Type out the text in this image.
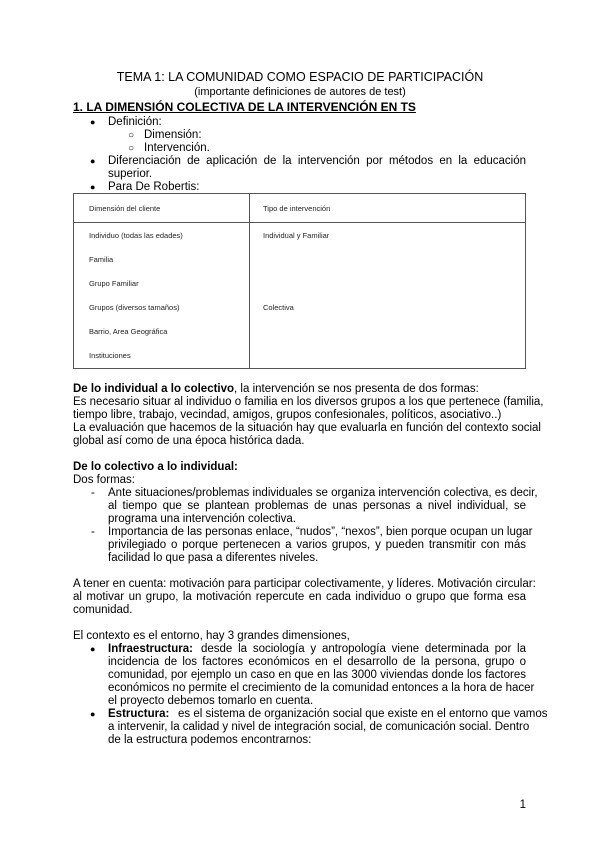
TEMA 1: LA COMUNIDAD COMO ESPACIO DE PARTICIPACIÓN
(importante definiciones de autores de test)
1. LA DIMENSIÓN COLECTIVA DE LA INTERVENCIÓN EN TS
● Definición:
○ Dimensión:
○ Intervención.
● Diferenciación de aplicación de la intervención por métodos en la educación
superior.
● Para De Robertis:
Dimensión del cliente	Tipo de intervención
Individuo (todas las edades)	Individual y Familiar
Familia	
Grupo Familiar	
Grupos (diversos tamaños)	Colectiva
Barrio, Area Geográfica	
Instituciones	
De lo individual a lo colectivo, la intervención se nos presenta de dos formas:
Es necesario situar al individuo o familia en los diversos grupos a los que pertenece (familia,
tiempo libre, trabajo, vecindad, amigos, grupos confesionales, políticos, asociativo..)
La evaluación que hacemos de la situación hay que evaluarla en función del contexto social
global así como de una época histórica dada.
De lo colectivo a lo individual:
Dos formas:
- Ante situaciones/problemas individuales se organiza intervención colectiva, es decir,
al tiempo que se plantean problemas de unas personas a nivel individual, se
programa una intervención colectiva.
- Importancia de las personas enlace, “nudos”, “nexos”, bien porque ocupan un lugar
privilegiado o porque pertenecen a varios grupos, y pueden transmitir con más
facilidad lo que pasa a diferentes niveles.
A tener en cuenta: motivación para participar colectivamente, y líderes. Motivación circular:
al motivar un grupo, la motivación repercute en cada individuo o grupo que forma esa
comunidad.
El contexto es el entorno, hay 3 grandes dimensiones,
● Infraestructura: desde la sociología y antropología viene determinada por la
incidencia de los factores económicos en el desarrollo de la persona, grupo o
comunidad, por ejemplo un caso en que en las 3000 viviendas donde los factores
económicos no permite el crecimiento de la comunidad entonces a la hora de hacer
el proyecto debemos tomarlo en cuenta.
● Estructura: es el sistema de organización social que existe en el entorno que vamos
a intervenir, la calidad y nivel de integración social, de comunicación social. Dentro
de la estructura podemos encontrarnos:
1
